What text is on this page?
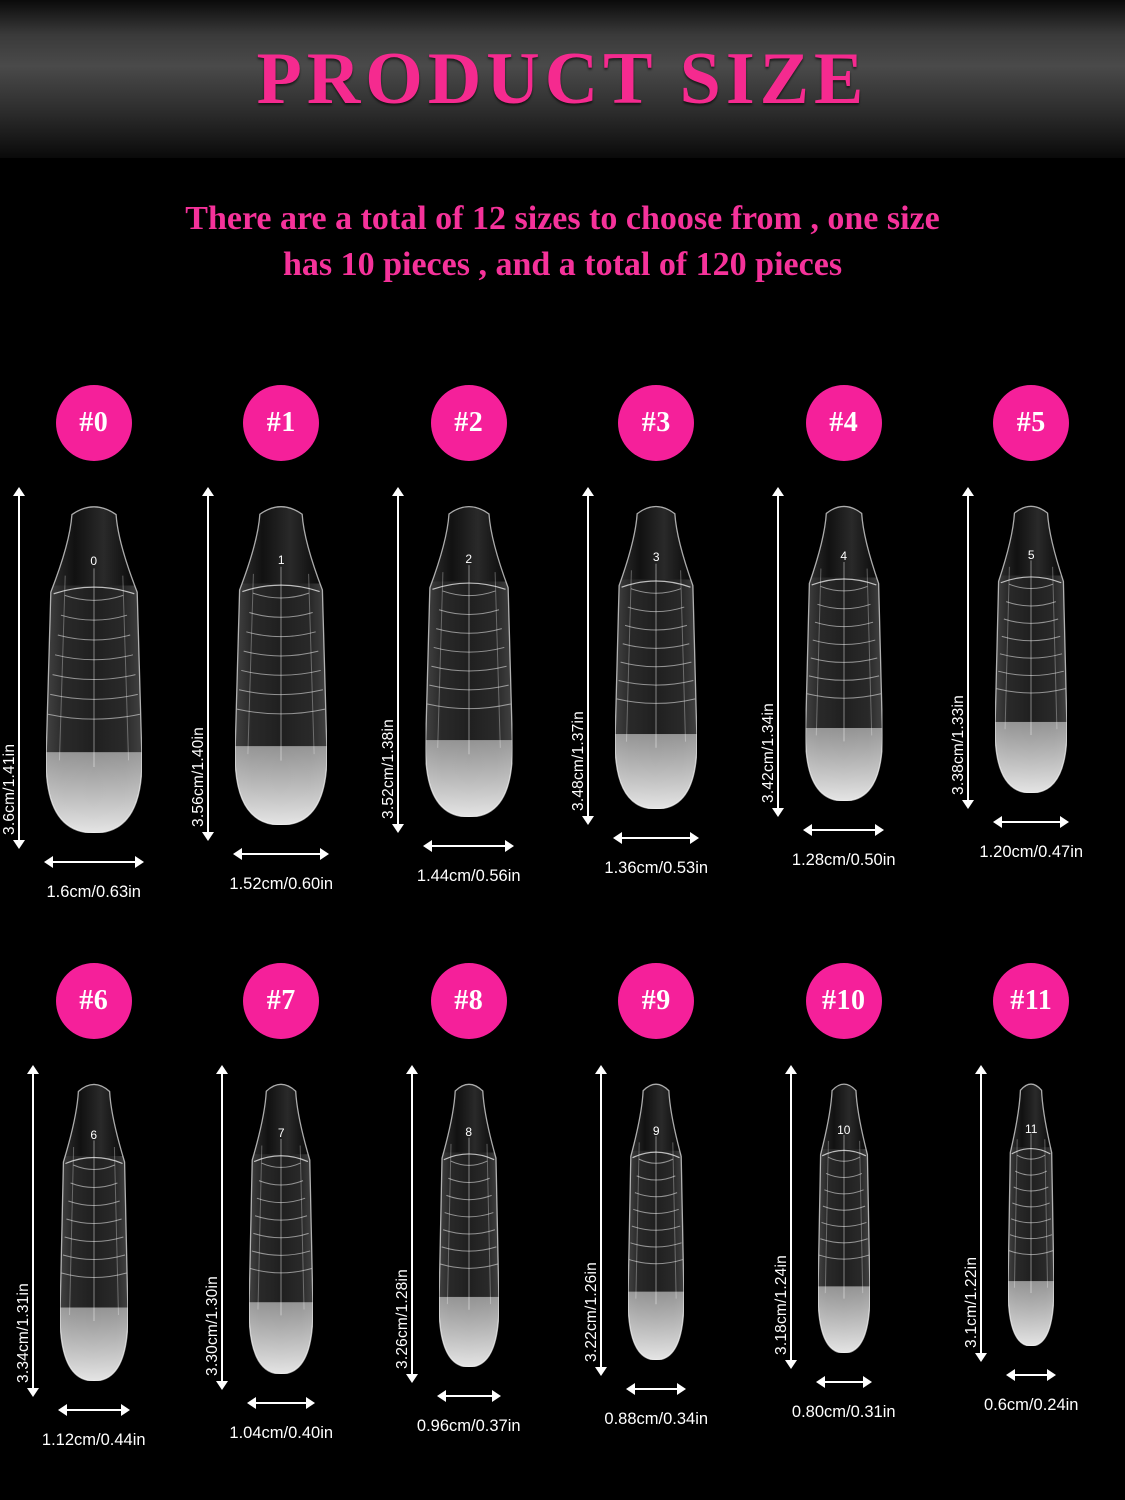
PRODUCT SIZE
There are a total of 12 sizes to choose from , one size
has 10 pieces , and a total of 120 pieces
#0
0
3.6cm/1.41in
1.6cm/0.63in
#1
1
3.56cm/1.40in
1.52cm/0.60in
#2
2
3.52cm/1.38in
1.44cm/0.56in
#3
3
3.48cm/1.37in
1.36cm/0.53in
#4
4
3.42cm/1.34in
1.28cm/0.50in
#5
5
3.38cm/1.33in
1.20cm/0.47in
#6
6
3.34cm/1.31in
1.12cm/0.44in
#7
7
3.30cm/1.30in
1.04cm/0.40in
#8
8
3.26cm/1.28in
0.96cm/0.37in
#9
9
3.22cm/1.26in
0.88cm/0.34in
#10
10
3.18cm/1.24in
0.80cm/0.31in
#11
11
3.1cm/1.22in
0.6cm/0.24in
